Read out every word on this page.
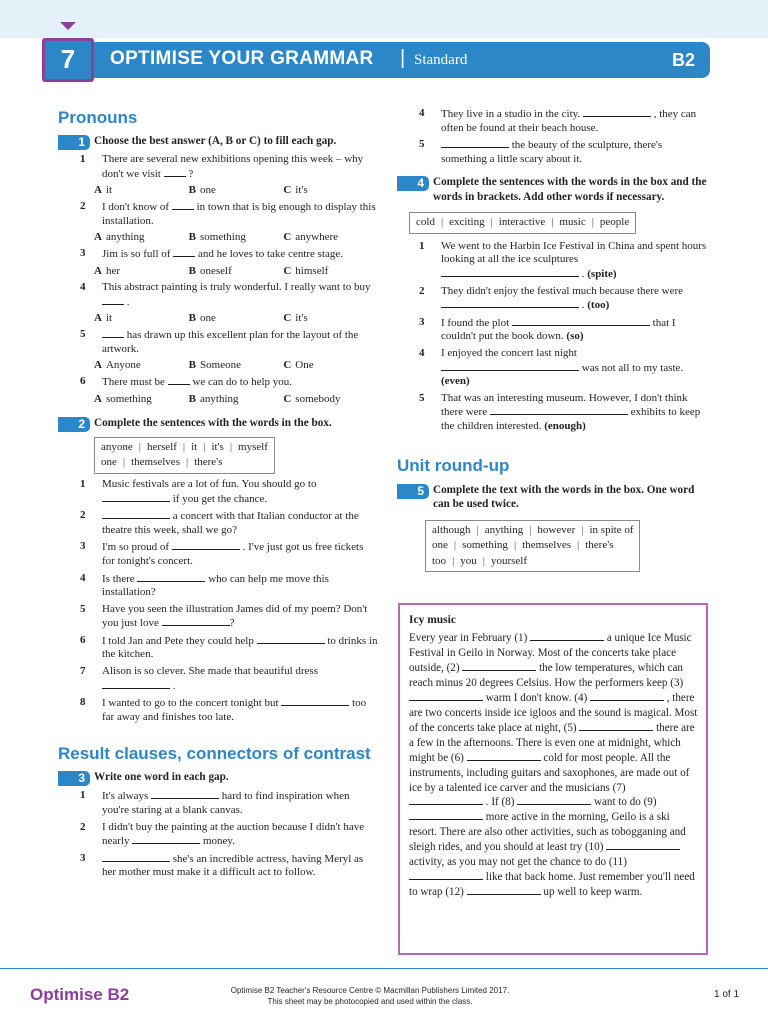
7	OPTIMISE YOUR GRAMMAR | Standard	B2
Pronouns
1 Choose the best answer (A, B or C) to fill each gap.
1	There are several new exhibitions opening this week – why don't we visit  ?
A it	B one	C it's
2	I don't know of  in town that is big enough to display this installation.
A anything	B something	C anywhere
3	Jim is so full of  and he loves to take centre stage.
A her	B oneself	C himself
4	This abstract painting is truly wonderful. I really want to buy  .
A it	B one	C it's
5	has drawn up this excellent plan for the layout of the artwork.
A Anyone	B Someone	C One
6	There must be  we can do to help you.
A something	B anything	C somebody
2 Complete the sentences with the words in the box.
anyone | herself | it | it's | myself
one | themselves | there's
1	Music festivals are a lot of fun. You should go to  if you get the chance.
2	a concert with that Italian conductor at the theatre this week, shall we go?
3	I'm so proud of	. I've just got us free tickets for tonight's concert.
4	Is there	who can help me move this installation?
5	Have you seen the illustration James did of my poem? Don't you just love	?
6	I told Jan and Pete they could help	to drinks in the kitchen.
7	Alison is so clever. She made that beautiful dress  .
8	I wanted to go to the concert tonight but	too far away and finishes too late.
Result clauses, connectors of contrast
3 Write one word in each gap.
1	It's always	hard to find inspiration when you're staring at a blank canvas.
2	I didn't buy the painting at the auction because I didn't have nearly	money.
3	she's an incredible actress, having Meryl as her mother must make it a difficult act to follow.
4	They live in a studio in the city.	, they can often be found at their beach house.
5	the beauty of the sculpture, there's something a little scary about it.
4 Complete the sentences with the words in the box and the words in brackets. Add other words if necessary.
cold | exciting | interactive | music | people
1	We went to the Harbin Ice Festival in China and spent hours looking at all the ice sculptures  . (spite)
2	They didn't enjoy the festival much because there were  . (too)
3	I found the plot	that I couldn't put the book down. (so)
4	I enjoyed the concert last night  was not all to my taste. (even)
5	That was an interesting museum. However, I don't think there were	exhibits to keep the children interested. (enough)
Unit round-up
5 Complete the text with the words in the box. One word can be used twice.
although | anything | however | in spite of
one | something | themselves | there's
too | you | yourself
Icy music
Every year in February (1)	a unique Ice Music Festival in Geilo in Norway. Most of the concerts take place outside, (2)	the low temperatures, which can reach minus 20 degrees Celsius. How the performers keep (3)  warm I don't know. (4)	, there are two concerts inside ice igloos and the sound is magical. Most of the concerts take place at night, (5)	there are a few in the afternoons. There is even one at midnight, which might be (6)	cold for most people. All the instruments, including guitars and saxophones, are made out of ice by a talented ice carver and the musicians (7)  . If (8)	want to do (9)  more active in the morning, Geilo is a ski resort. There are also other activities, such as tobogganing and sleigh rides, and you should at least try (10)  activity, as you may not get the chance to do (11)  like that back home. Just remember you'll need to wrap (12)	up well to keep warm.
Optimise B2	Optimise B2 Teacher's Resource Centre © Macmillan Publishers Limited 2017.
This sheet may be photocopied and used within the class.
1 of 1
